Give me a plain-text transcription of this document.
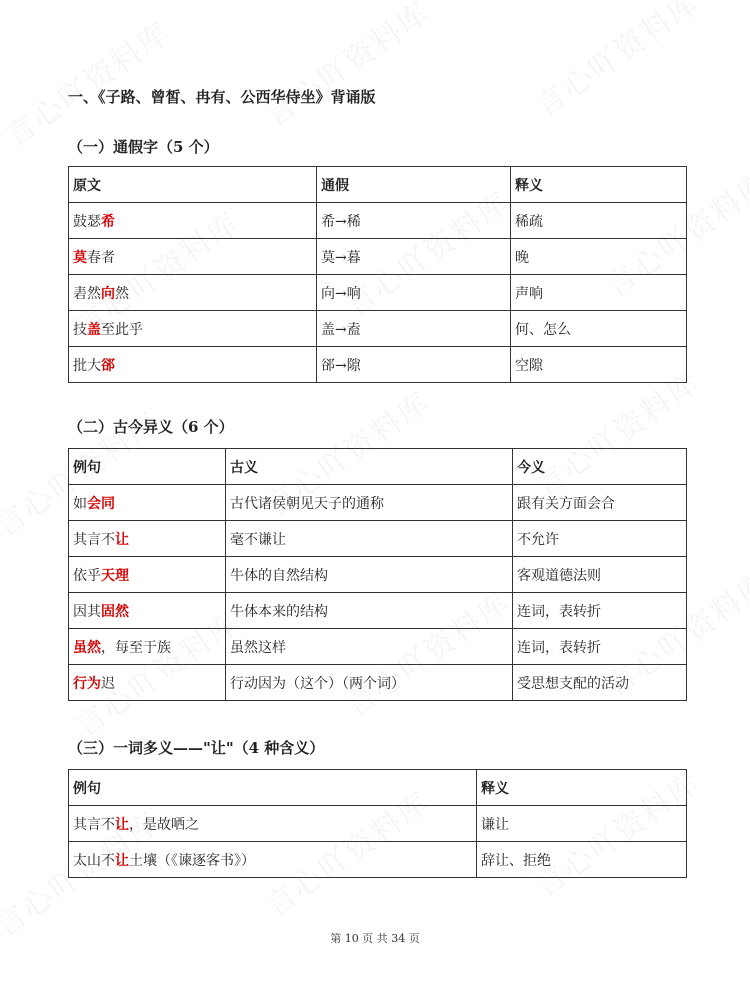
一、《子路、曾皙、冉有、公西华侍坐》背诵版
（一）通假字（5 个）
原文	通假	释义
鼓瑟希	希→稀	稀疏
莫春者	莫→暮	晚
砉然向然	向→响	声响
技盖至此乎	盖→盍	何、怎么
批大郤	郤→隙	空隙
（二）古今异义（6 个）
例句	古义	今义
如会同	古代诸侯朝见天子的通称	跟有关方面会合
其言不让	毫不谦让	不允许
依乎天理	牛体的自然结构	客观道德法则
因其固然	牛体本来的结构	连词，表转折
虽然，每至于族	虽然这样	连词，表转折
行为迟	行动因为（这个）（两个词）	受思想支配的活动
（三）一词多义——"让"（4 种含义）
例句	释义
其言不让，是故哂之	谦让
太山不让土壤（《谏逐客书》）	辞让、拒绝
第 10 页 共 34 页
